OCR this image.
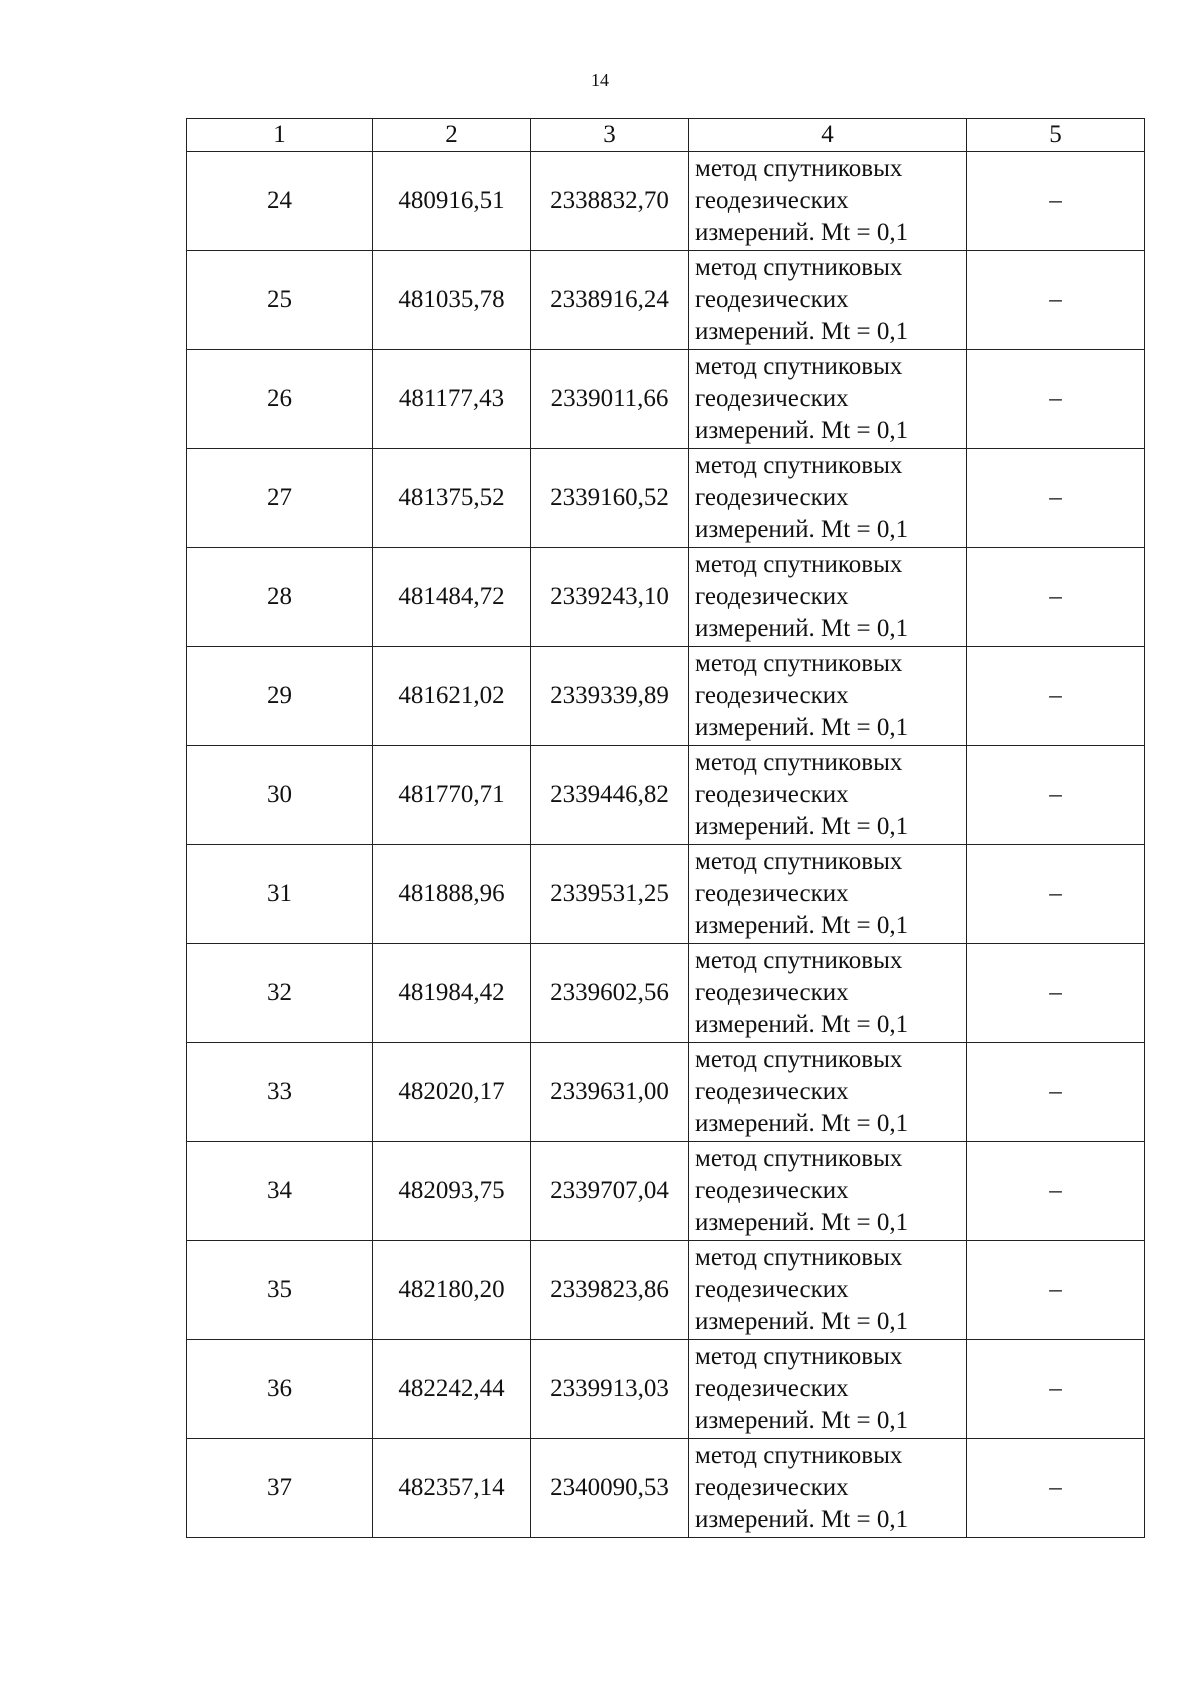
14
1	2	3	4	5
24	480916,51	2338832,70	метод спутниковых
геодезических
измерений. Mt = 0,1	–
25	481035,78	2338916,24	метод спутниковых
геодезических
измерений. Mt = 0,1	–
26	481177,43	2339011,66	метод спутниковых
геодезических
измерений. Mt = 0,1	–
27	481375,52	2339160,52	метод спутниковых
геодезических
измерений. Mt = 0,1	–
28	481484,72	2339243,10	метод спутниковых
геодезических
измерений. Mt = 0,1	–
29	481621,02	2339339,89	метод спутниковых
геодезических
измерений. Mt = 0,1	–
30	481770,71	2339446,82	метод спутниковых
геодезических
измерений. Mt = 0,1	–
31	481888,96	2339531,25	метод спутниковых
геодезических
измерений. Mt = 0,1	–
32	481984,42	2339602,56	метод спутниковых
геодезических
измерений. Mt = 0,1	–
33	482020,17	2339631,00	метод спутниковых
геодезических
измерений. Mt = 0,1	–
34	482093,75	2339707,04	метод спутниковых
геодезических
измерений. Mt = 0,1	–
35	482180,20	2339823,86	метод спутниковых
геодезических
измерений. Mt = 0,1	–
36	482242,44	2339913,03	метод спутниковых
геодезических
измерений. Mt = 0,1	–
37	482357,14	2340090,53	метод спутниковых
геодезических
измерений. Mt = 0,1	–
